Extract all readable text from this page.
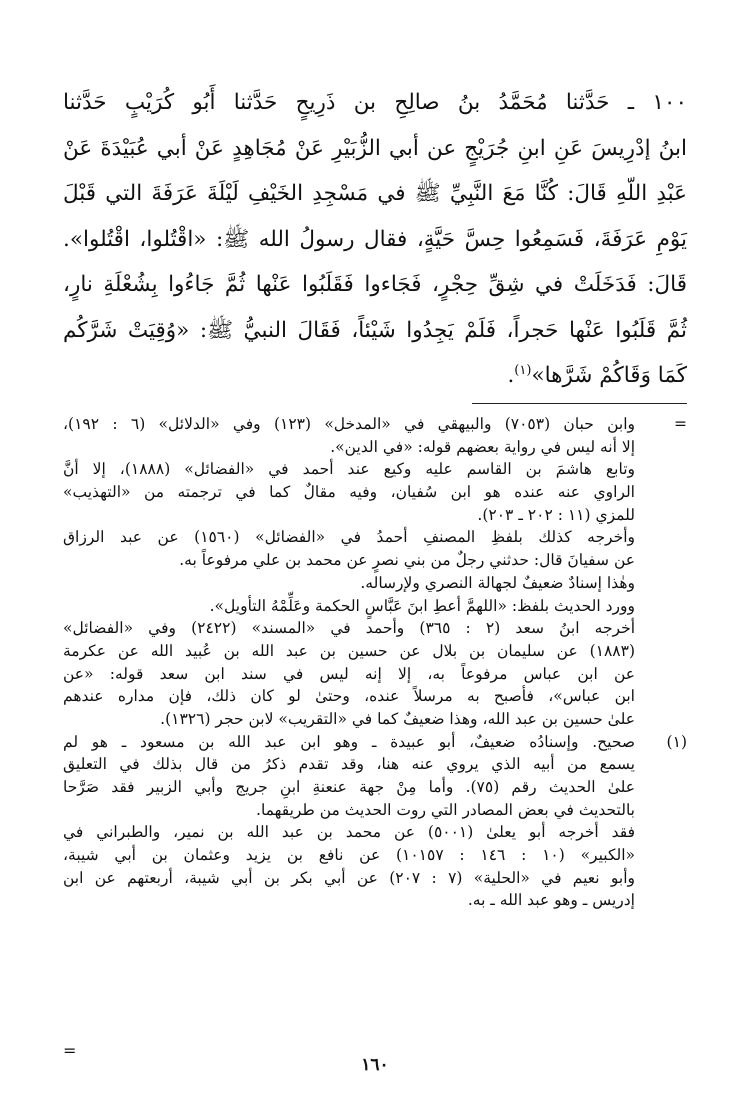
١٠٠ ـ حَدَّثنا مُحَمَّدُ بنُ صالِحِ بن ذَرِيحٍ حَدَّثنا أَبُو كُرَيْبٍ حَدَّثنا
ابنُ إدْرِيسَ عَنِ ابنِ جُرَيْجٍ عن أبي الزُّبَيْرِ عَنْ مُجَاهِدٍ عَنْ أبي عُبَيْدَةَ عَنْ
عَبْدِ اللّهِ قَالَ: كُنَّا مَعَ النَّبِيِّ ﷺ في مَسْجِدِ الخَيْفِ لَيْلَةَ عَرَفَةَ التي قَبْلَ
يَوْمِ عَرَفَةَ، فَسَمِعُوا حِسَّ حَيَّةٍ، فقال رسولُ الله ﷺ: «اقْتُلوا، اقْتُلوا».
قَالَ: فَدَخَلَتْ في شِقِّ حِجْرٍ، فَجَاءوا فَقَلَبُوا عَنْها ثُمَّ جَاءُوا بِشُعْلَةِ نارٍ،
ثُمَّ قَلَبُوا عَنْها حَجراً، فَلَمْ يَجِدُوا شَيْئاً، فَقَالَ النبيُّ ﷺ: «وُقِيَتْ شَرَّكُم
كَمَا وَقَاكُمْ شَرَّها»$^{(١)}$.
=
وابن حبان (٧٠٥٣) والبيهقي في «المدخل» (١٢٣) وفي «الدلائل» (٦ : ١٩٢)،
إلا أنه ليس في رواية بعضهم قوله: «في الدين».
وتابع هاشمَ بن القاسم عليه وكيع عند أحمد في «الفضائل» (١٨٨٨)، إلا أنَّ
الراوي عنه عنده هو ابن سُفيان، وفيه مقالٌ كما في ترجمته من «التهذيب»
للمزي (١١ : ٢٠٢ ـ ٢٠٣).
وأخرجه كذلك بلفظِ المصنفِ أحمدُ في «الفضائل» (١٥٦٠) عن عبد الرزاق
عن سفيانَ قال: حدثني رجلٌ من بني نصرٍ عن محمد بن علي مرفوعاً به.
وهٰذا إسنادٌ ضعيفٌ لجهالة النصري ولإرساله.
وورد الحديث بلفظ: «اللهمَّ أعطِ ابنَ عَبَّاسٍ الحكمة وعَلِّمْهُ التأويل».
أخرجه ابنُ سعد (٢ : ٣٦٥) وأحمد في «المسند» (٢٤٢٢) وفي «الفضائل»
(١٨٨٣) عن سليمان بن بلال عن حسين بن عبد الله بن عُبيد الله عن عكرمة
عن ابن عباس مرفوعاً به، إلا إنه ليس في سند ابن سعد قوله: «عن
ابن عباس»، فأصبح به مرسلاً عنده، وحتىٰ لو كان ذلك، فإن مداره عندهم
علىٰ حسين بن عبد الله، وهذا ضعيفٌ كما في «التقريب» لابن حجر (١٣٢٦).
(١)
صحيح. وإسنادُه ضعيفٌ، أبو عبيدة ـ وهو ابن عبد الله بن مسعود ـ هو لم
يسمع من أبيه الذي يروي عنه هنا، وقد تقدم ذكرُ من قال بذلك في التعليق
علىٰ الحديث رقم (٧٥). وأما مِنْ جهة عنعنةِ ابنِ جريج وأبي الزبير فقد صَرَّحا
بالتحديث في بعض المصادر التي روت الحديث من طريقهما.
فقد أخرجه أبو يعلىٰ (٥٠٠١) عن محمد بن عبد الله بن نمير، والطبراني في
«الكبير» (١٠ : ١٤٦ : ١٠١٥٧) عن نافع بن يزيد وعثمان بن أبي شيبة،
وأبو نعيم في «الحلية» (٧ : ٢٠٧) عن أبي بكر بن أبي شيبة، أربعتهم عن ابن
إدريس ـ وهو عبد الله ـ به.
=
١٦٠
